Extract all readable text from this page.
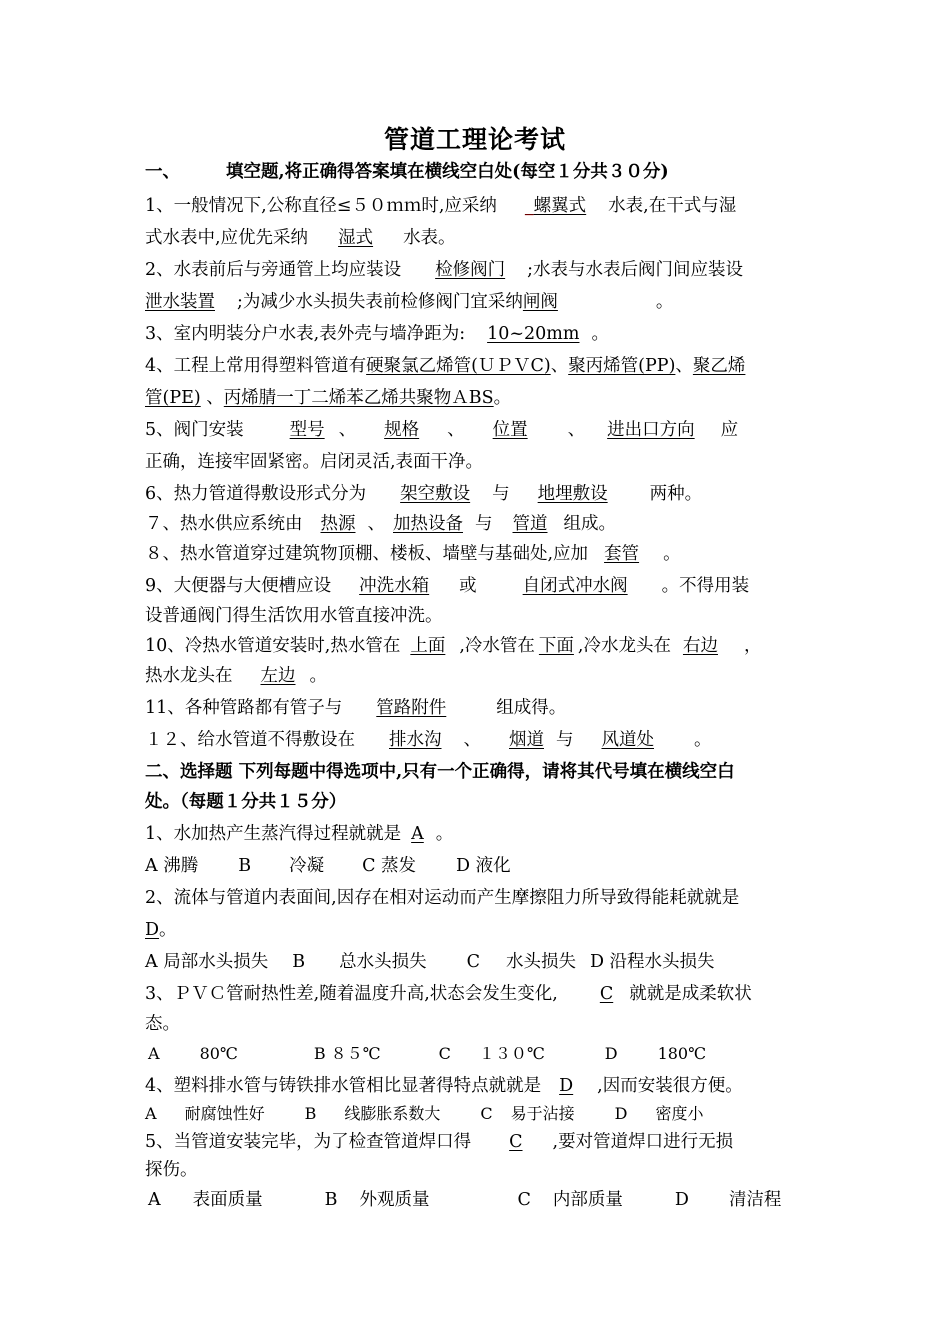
管道工理论考试
一、	填空题,将正确得答案填在横线空白处(每空１分共３０分)
1、一般情况下,公称直径≤５０ｍｍ时,应采纳 _螺翼式 水表,在干式与湿
式水表中,应优先采纳 湿式 水表。
2、水表前后与旁通管上均应装设 检修阀门 ;水表与水表后阀门间应装设
泄水装置 ;为减少水头损失表前检修阀门宜采纳闸阀	。
3、室内明装分户水表,表外壳与墙净距为: 10~20mm 。
4、工程上常用得塑料管道有硬聚氯乙烯管(ＵＰＶC)、聚丙烯管(PP)、聚乙烯
管(PE) 、丙烯腈一丁二烯苯乙烯共聚物ＡBS。
5、阀门安装	型号 、 规格 、 位置 、 进出口方向 应
正确，连接牢固紧密。启闭灵活,表面干净。
6、热力管道得敷设形式分为 架空敷设 与 地埋敷设 两种。
７、热水供应系统由 热源 、 加热设备 与 管道 组成。
８、热水管道穿过建筑物顶棚、楼板、墙壁与基础处,应加 套管 。
9、大便器与大便槽应设 冲洗水箱 或	自闭式冲水阀 。不得用装
设普通阀门得生活饮用水管直接冲洗。
10、冷热水管道安装时,热水管在 上面 ,冷水管在 下面 ,冷水龙头在 右边 ，
热水龙头在 左边 。
11、各种管路都有管子与 管路附件	组成得。
１２、给水管道不得敷设在 排水沟 、 烟道 与 风道处 。
二、选择题 下列每题中得选项中,只有一个正确得，请将其代号填在横线空白
处。（每题１分共１５分）
1、水加热产生蒸汽得过程就就是 A 。
A 沸腾 B 冷凝 C 蒸发 D 液化
2、流体与管道内表面间,因存在相对运动而产生摩擦阻力所导致得能耗就就是
D。
A 局部水头损失 B 总水头损失 C 水头损失 D 沿程水头损失
3、ＰＶＣ管耐热性差,随着温度升高,状态会发生变化, C 就就是成柔软状
态。
A	80℃	B ８５℃	C １３０℃	D	180℃
4、塑料排水管与铸铁排水管相比显著得特点就就是 D ,因而安装很方便。
A 耐腐蚀性好	B 线膨胀系数大	C 易于沾接	D 密度小
5、当管道安装完毕，为了检查管道焊口得 C ,要对管道焊口进行无损
探伤。
A 表面质量	B 外观质量	C 内部质量	D 清洁程
